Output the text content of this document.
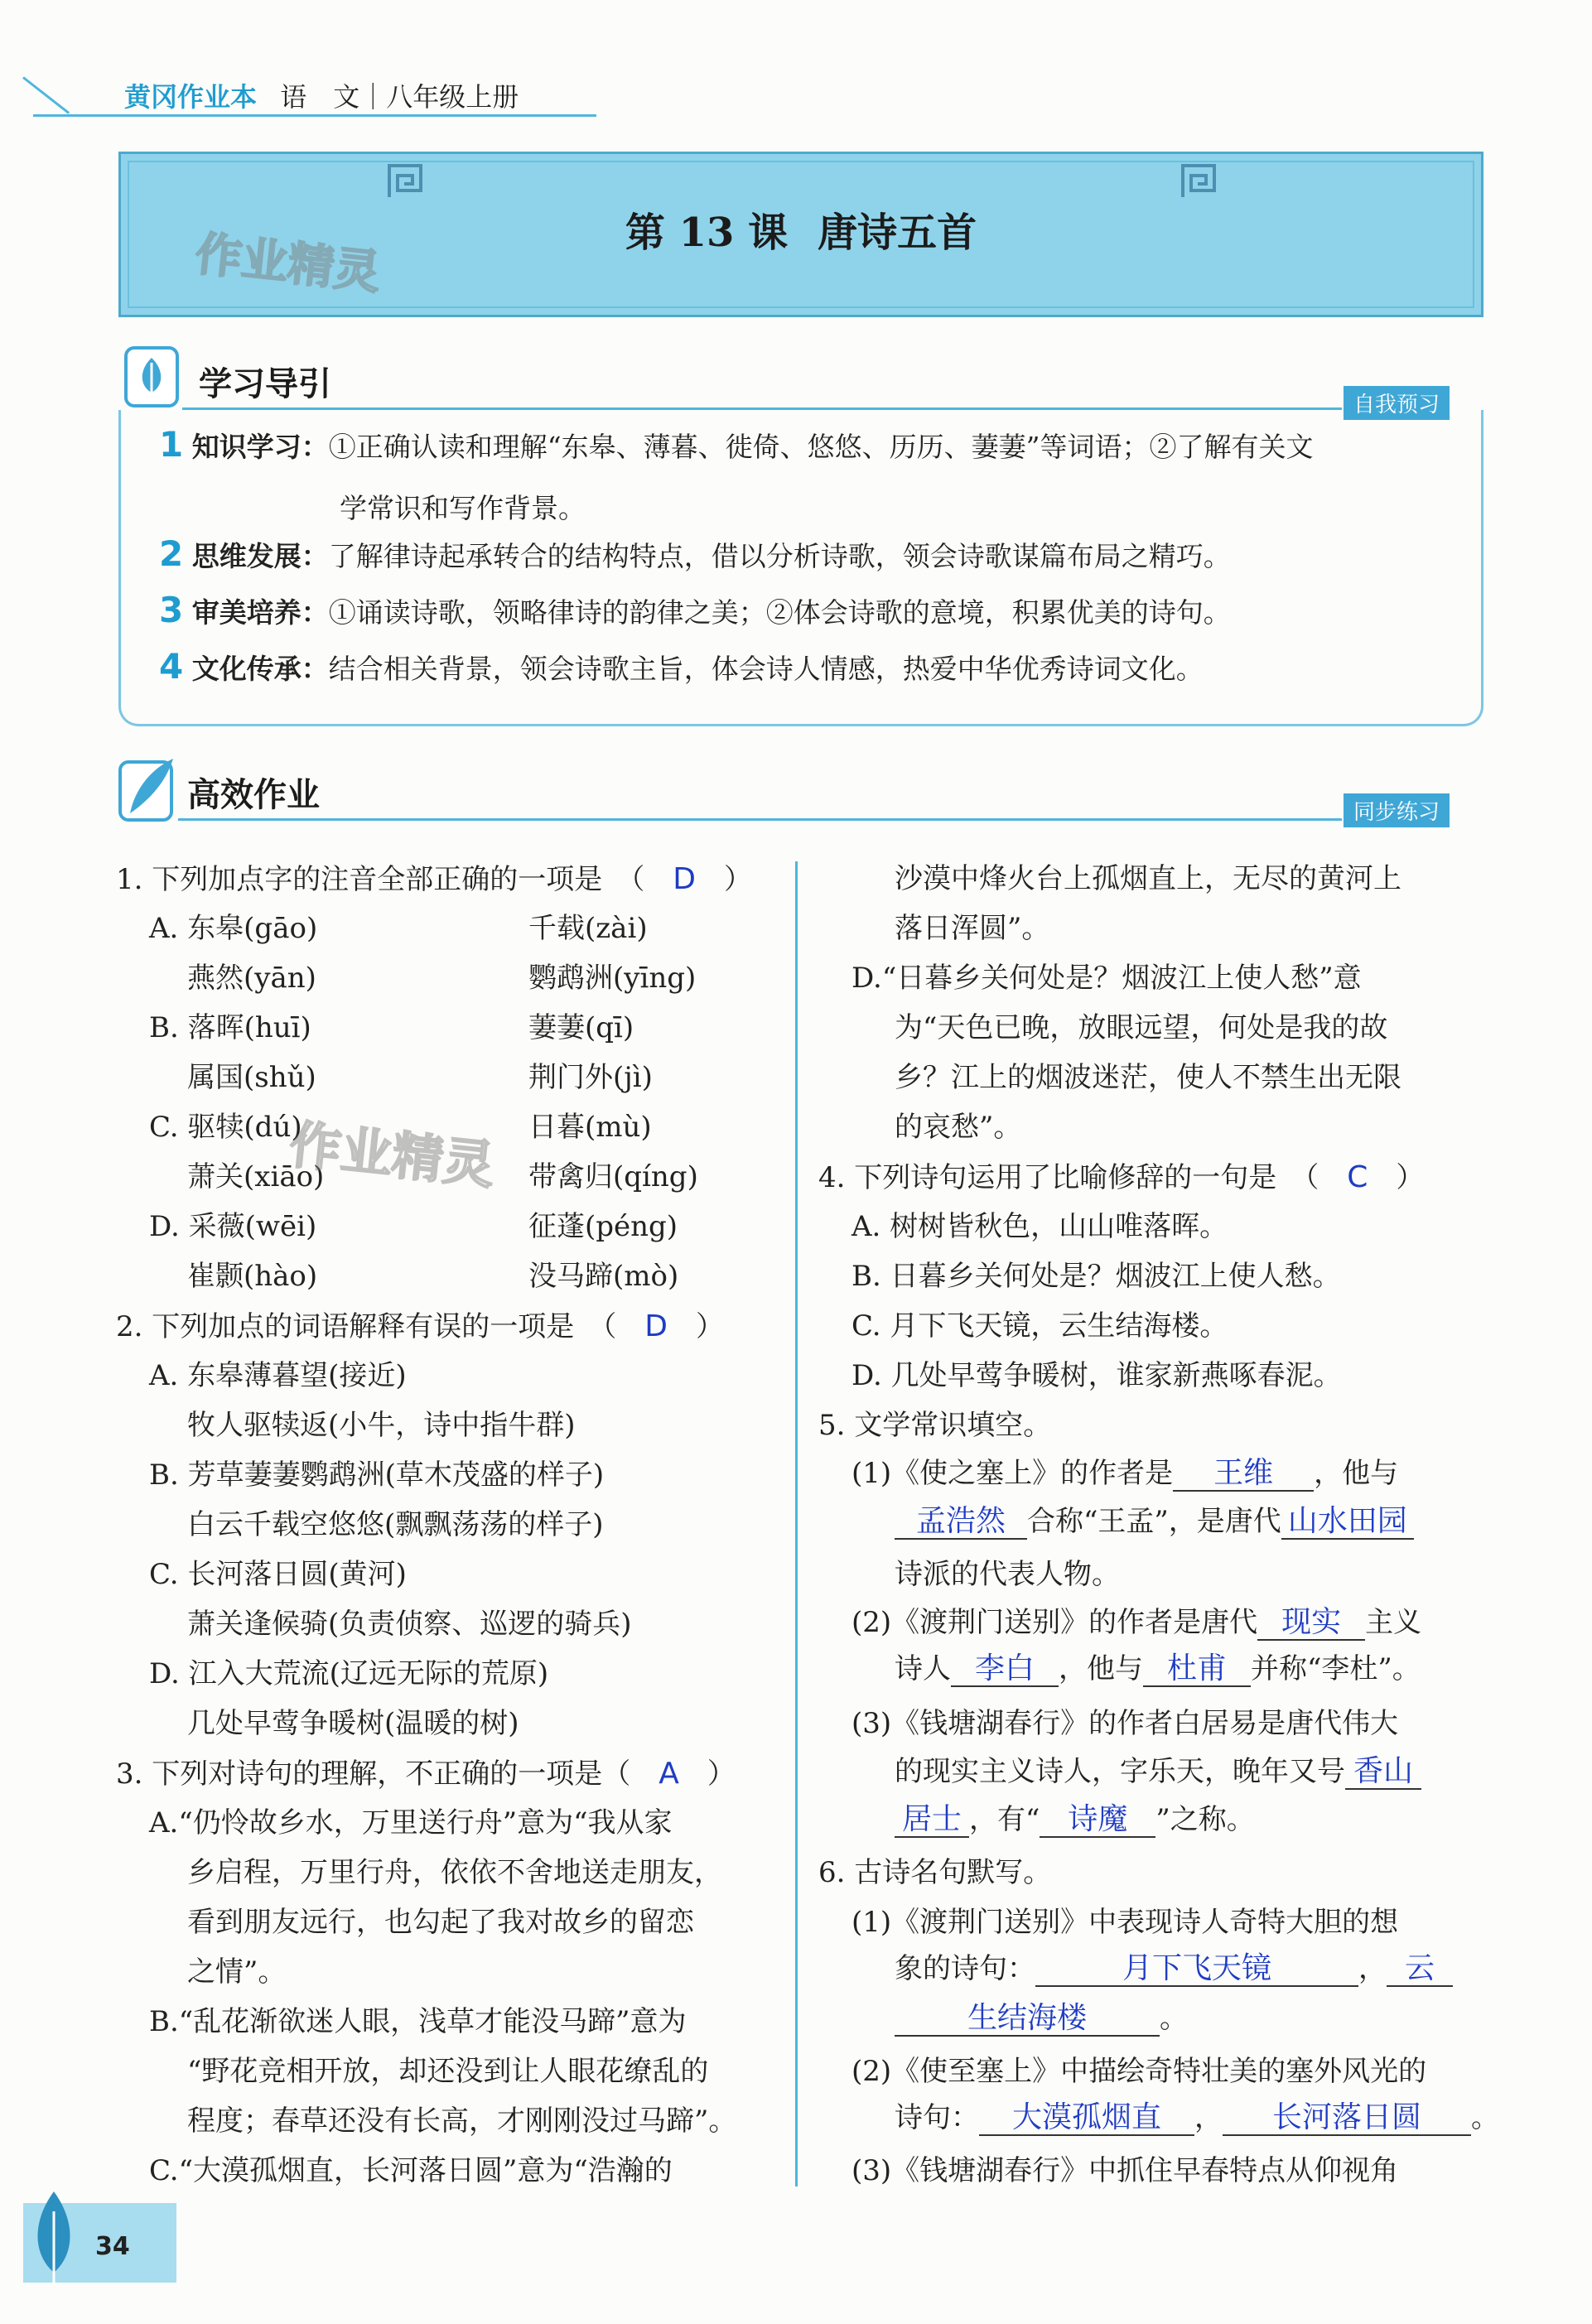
黄冈作业本 语　文｜八年级上册
作业精灵	第 13 课 唐诗五首
学习导引
自我预习
1 知识学习：①正确认读和理解“东皋、薄暮、徙倚、悠悠、历历、萋萋”等词语；②了解有关文
学常识和写作背景。
2 思维发展：了解律诗起承转合的结构特点，借以分析诗歌，领会诗歌谋篇布局之精巧。
3 审美培养：①诵读诗歌，领略律诗的韵律之美；②体会诗歌的意境，积累优美的诗句。
4 文化传承：结合相关背景，领会诗歌主旨，体会诗人情感，热爱中华优秀诗词文化。
高效作业	同步练习
1. 下列加点字的注音全部正确的一项是　（　D　）
A. 东皋(gāo)	千载(zài)
燕然(yān)	鹦鹉洲(yīng)
B. 落晖(huī)	萋萋(qī)
属国(shǔ)	荆门外(jì)
C. 驱犊(dú)	日暮(mù)
萧关(xiāo)	带禽归(qíng)
D. 采薇(wēi)	征蓬(péng)
崔颢(hào)	没马蹄(mò)
作业精灵
2. 下列加点的词语解释有误的一项是　（　D　）
A. 东皋薄暮望(接近)
牧人驱犊返(小牛，诗中指牛群)
B. 芳草萋萋鹦鹉洲(草木茂盛的样子)
白云千载空悠悠(飘飘荡荡的样子)
C. 长河落日圆(黄河)
萧关逢候骑(负责侦察、巡逻的骑兵)
D. 江入大荒流(辽远无际的荒原)
几处早莺争暖树(温暖的树)
3. 下列对诗句的理解，不正确的一项是（　A　）
A.“仍怜故乡水，万里送行舟”意为“我从家
乡启程，万里行舟，依依不舍地送走朋友，
看到朋友远行，也勾起了我对故乡的留恋
之情”。
B.“乱花渐欲迷人眼，浅草才能没马蹄”意为
“野花竞相开放，却还没到让人眼花缭乱的
程度；春草还没有长高，才刚刚没过马蹄”。
C.“大漠孤烟直，长河落日圆”意为“浩瀚的
沙漠中烽火台上孤烟直上，无尽的黄河上
落日浑圆”。
D.“日暮乡关何处是？烟波江上使人愁”意
为“天色已晚，放眼远望，何处是我的故
乡？江上的烟波迷茫，使人不禁生出无限
的哀愁”。
4. 下列诗句运用了比喻修辞的一句是　（　C　）
A. 树树皆秋色，山山唯落晖。
B. 日暮乡关何处是？烟波江上使人愁。
C. 月下飞天镜，云生结海楼。
D. 几处早莺争暖树，谁家新燕啄春泥。
5. 文学常识填空。
(1)《使之塞上》的作者是 王维 ，他与
孟浩然 合称“王孟”，是唐代 山水田园
诗派的代表人物。
(2)《渡荆门送别》的作者是唐代 现实 主义
诗人 李白 ，他与 杜甫 并称“李杜”。
(3)《钱塘湖春行》的作者白居易是唐代伟大
的现实主义诗人，字乐天，晚年又号 香山
居士 ，有“ 诗魔 ”之称。
6. 古诗名句默写。
(1)《渡荆门送别》中表现诗人奇特大胆的想
象的诗句：	月下飞天镜	， 云
生结海楼	。
(2)《使至塞上》中描绘奇特壮美的塞外风光的
诗句： 大漠孤烟直 ， 长河落日圆 。
(3)《钱塘湖春行》中抓住早春特点从仰视角
34
